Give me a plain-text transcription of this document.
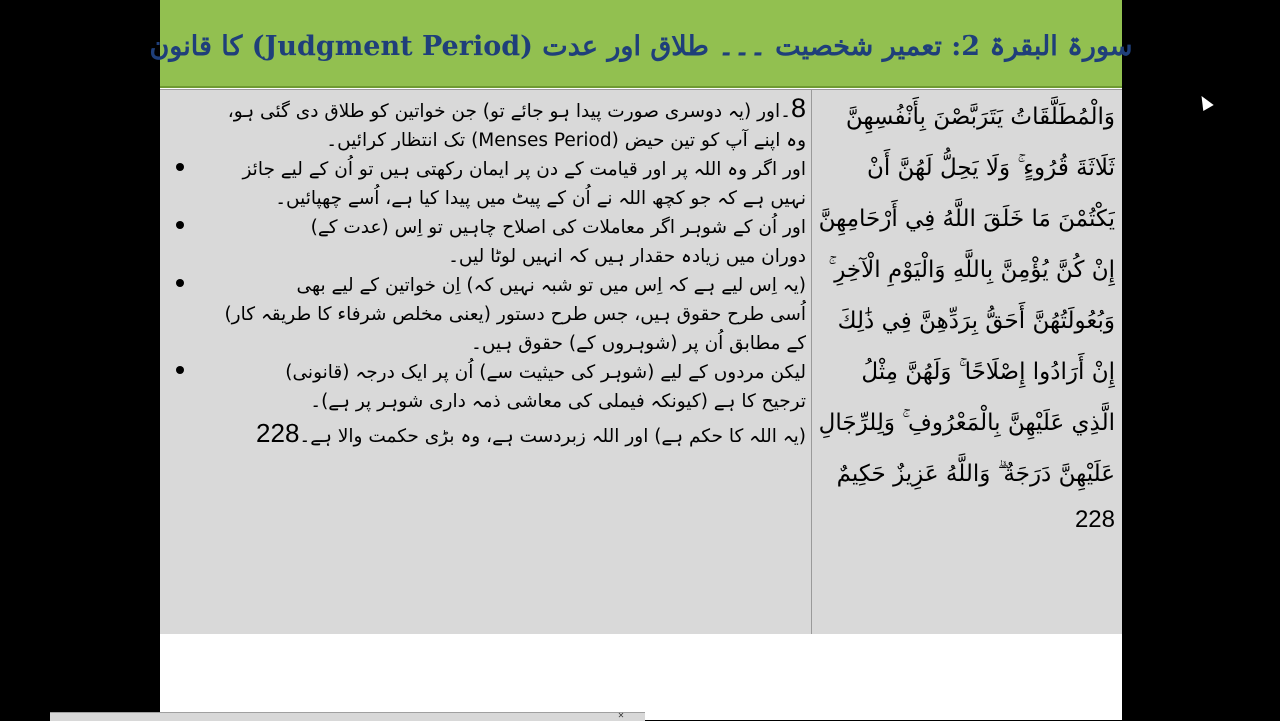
سورۃ البقرۃ 2: تعمیر شخصیت ۔۔۔ طلاق اور عدت (Judgment Period) کا قانون
وَالْمُطَلَّقَاتُ يَتَرَبَّصْنَ بِأَنْفُسِهِنَّ
ثَلَاثَةَ قُرُوءٍ ۚ وَلَا يَحِلُّ لَهُنَّ أَنْ
يَكْتُمْنَ مَا خَلَقَ اللَّهُ فِي أَرْحَامِهِنَّ
إِنْ كُنَّ يُؤْمِنَّ بِاللَّهِ وَالْيَوْمِ الْآخِرِ ۚ
وَبُعُولَتُهُنَّ أَحَقُّ بِرَدِّهِنَّ فِي ذَٰلِكَ
إِنْ أَرَادُوا إِصْلَاحًا ۚ وَلَهُنَّ مِثْلُ
الَّذِي عَلَيْهِنَّ بِالْمَعْرُوفِ ۚ وَلِلرِّجَالِ
عَلَيْهِنَّ دَرَجَةٌ ۗ وَاللَّهُ عَزِيزٌ حَكِيمٌ
228
8۔اور (یہ دوسری صورت پیدا ہو جائے تو) جن خواتین کو طلاق دی گئی ہو،
وہ اپنے آپ کو تین حیض (Menses Period) تک انتظار کرائیں۔
اور اگر وہ اللہ پر اور قیامت کے دن پر ایمان رکھتی ہیں تو اُن کے لیے جائز
نہیں ہے کہ جو کچھ اللہ نے اُن کے پیٹ میں پیدا کیا ہے، اُسے چھپائیں۔
اور اُن کے شوہر اگر معاملات کی اصلاح چاہیں تو اِس (عدت کے)
دوران میں زیادہ حقدار ہیں کہ انہیں لوٹا لیں۔
(یہ اِس لیے ہے کہ اِس میں تو شبہ نہیں کہ) اِن خواتین کے لیے بھی
اُسی طرح حقوق ہیں، جس طرح دستور (یعنی مخلص شرفاء کا طریقہ کار)
کے مطابق اُن پر (شوہروں کے) حقوق ہیں۔
لیکن مردوں کے لیے (شوہر کی حیثیت سے) اُن پر ایک درجہ (قانونی)
ترجیح کا ہے (کیونکہ فیملی کی معاشی ذمہ داری شوہر پر ہے)۔
(یہ اللہ کا حکم ہے) اور اللہ زبردست ہے، وہ بڑی حکمت والا ہے۔228
✕
